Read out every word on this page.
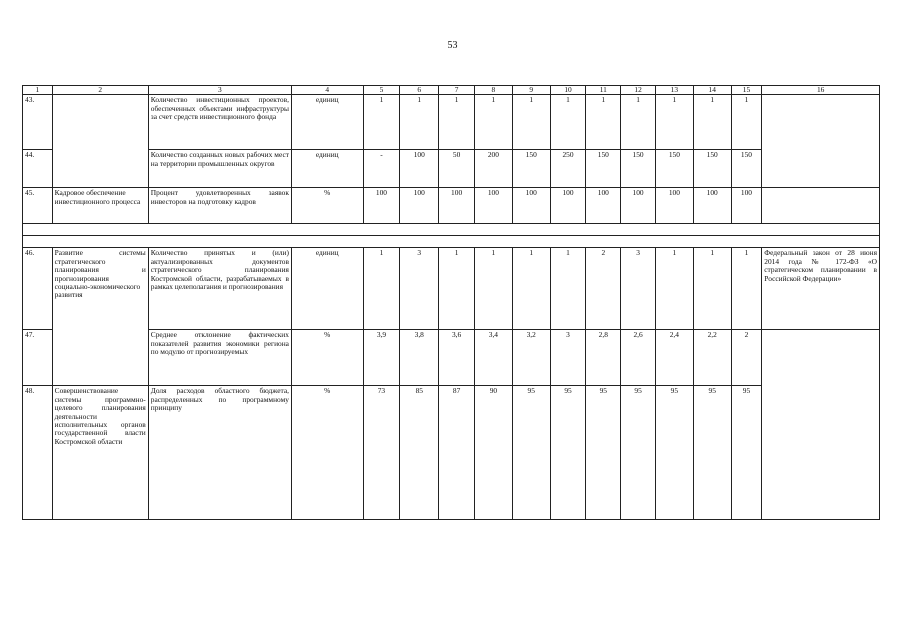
53
1	2	3	4	5	6	7	8	9	10	11	12	13	14	15	16
43.		Количество инвестиционных проектов, обеспеченных объектами инфраструктуры за счет средств инвестиционного фонда	единиц	1	1	1	1	1	1	1	1	1	1	1	
44.		Количество созданных новых рабочих мест на территории промышленных округов	единиц	-	100	50	200	150	250	150	150	150	150	150	
45.	Кадровое обеспечение инвестиционного процесса	Процент удовлетворенных заявок инвесторов на подготовку кадров	%	100	100	100	100	100	100	100	100	100	100	100	

46.	Развитие системы стратегического планирования и прогнозирования социально-экономического развития	Количество принятых и (или) актуализированных документов стратегического планирования Костромской области, разрабатываемых в рамках целеполагания и прогнозирования	единиц	1	3	1	1	1	1	2	3	1	1	1	Федеральный закон от 28 июня 2014 года № 172-ФЗ «О стратегическом планировании в Российской Федерации»
47.		Среднее отклонение фактических показателей развития экономики региона по модулю от прогнозируемых	%	3,9	3,8	3,6	3,4	3,2	3	2,8	2,6	2,4	2,2	2	
48.	Совершенствование системы программно-целевого планирования деятельности исполнительных органов государственной власти Костромской области	Доля расходов областного бюджета, распределенных по программному принципу	%	73	85	87	90	95	95	95	95	95	95	95	
